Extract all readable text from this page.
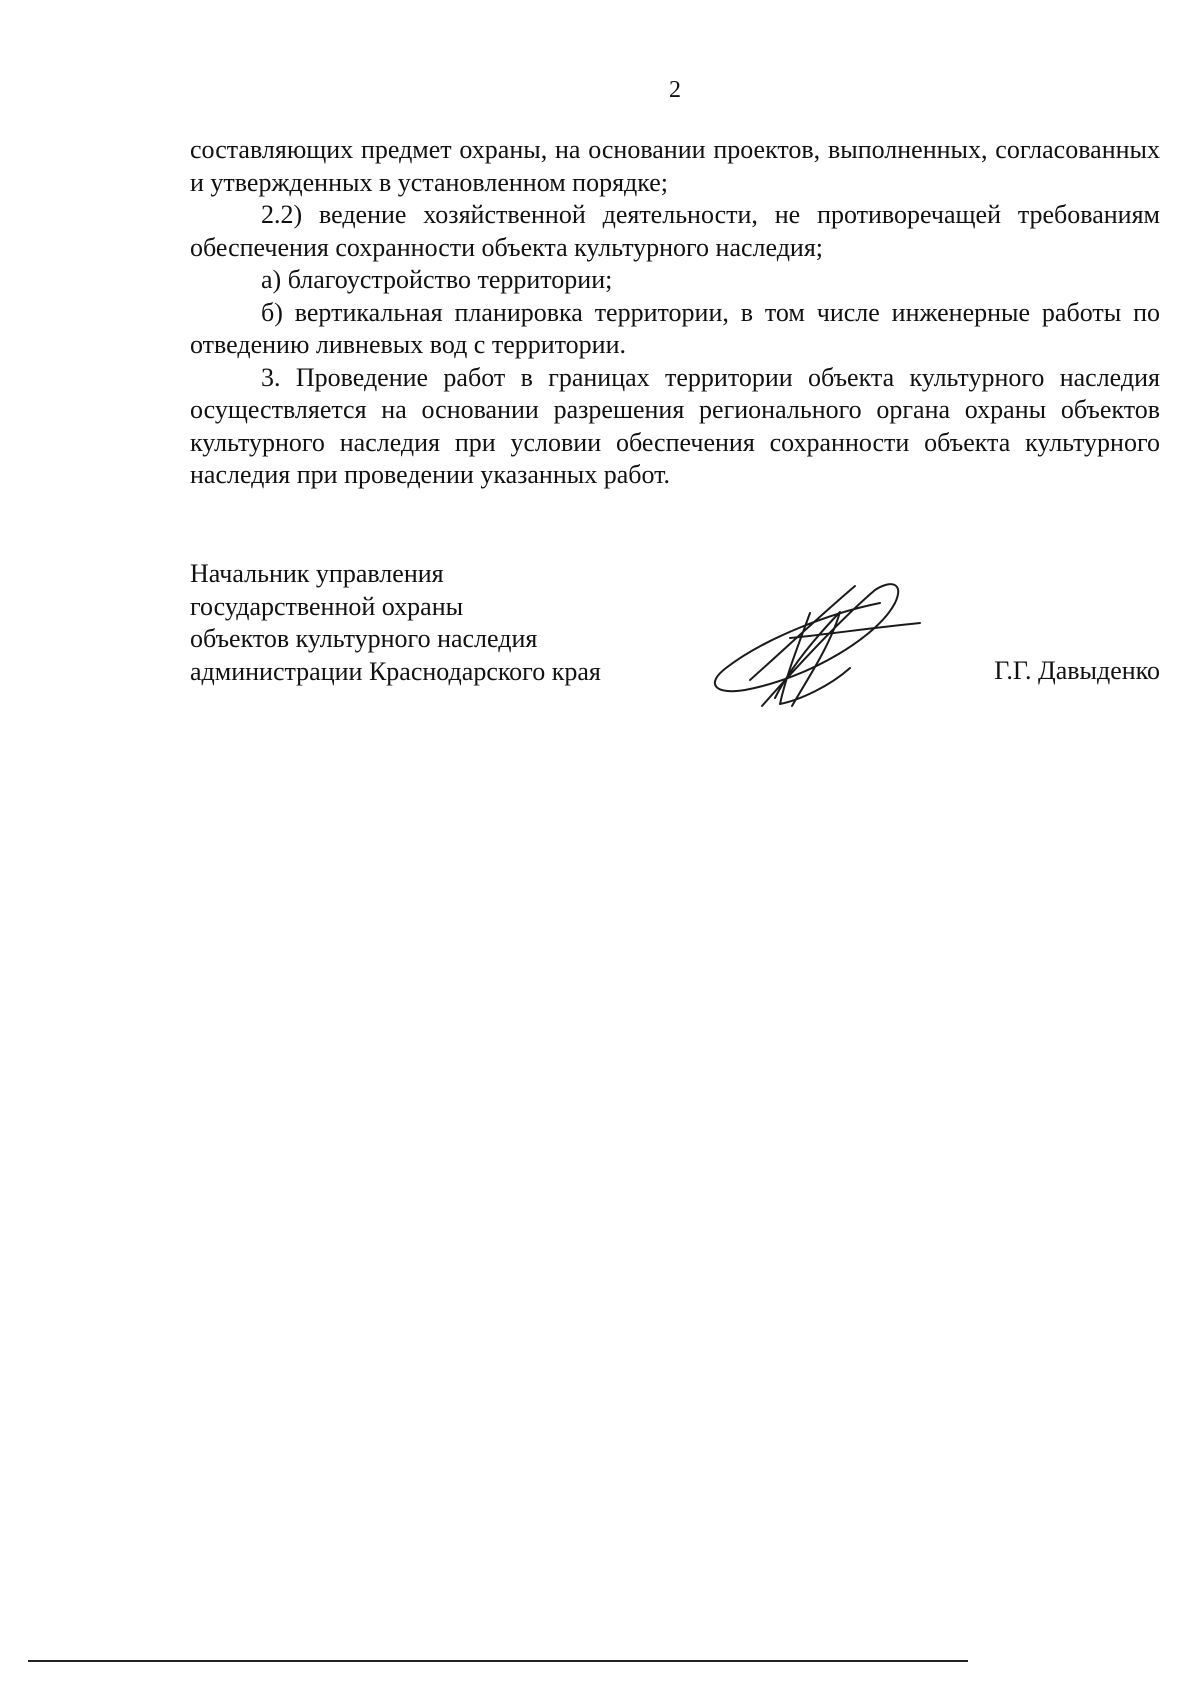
2

составляющих предмет охраны, на основании проектов, выполненных, согласованных и утвержденных в установленном порядке;

2.2) ведение хозяйственной деятельности, не противоречащей требованиям обеспечения сохранности объекта культурного наследия;

а) благоустройство территории;

б) вертикальная планировка территории, в том числе инженерные работы по отведению ливневых вод с территории.

3. Проведение работ в границах территории объекта культурного наследия осуществляется на основании разрешения регионального органа охраны объектов культурного наследия при условии обеспечения сохранности объекта культурного наследия при проведении указанных работ.

Начальник управления
государственной охраны
объектов культурного наследия
администрации Краснодарского края	Г.Г. Давыденко
